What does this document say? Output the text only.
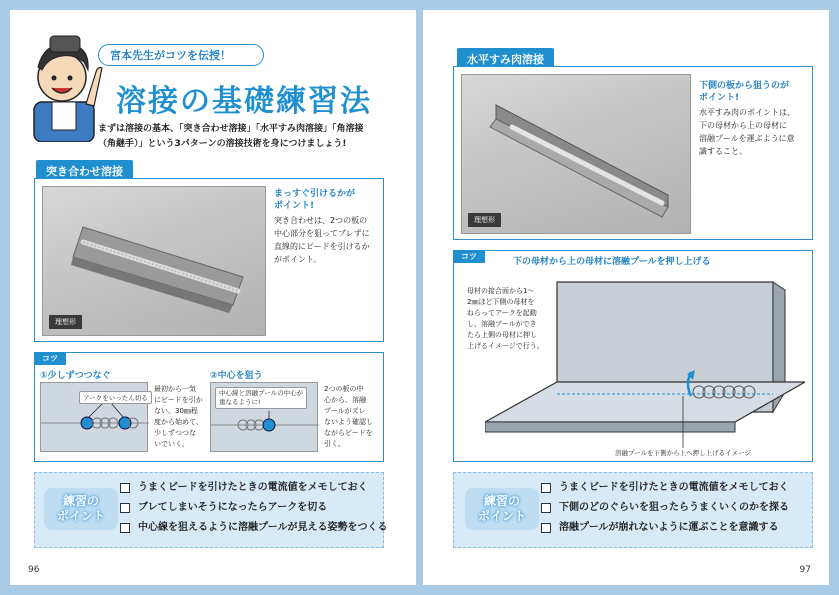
宮本先生がコツを伝授！
溶接の基礎練習法
まずは溶接の基本、「突き合わせ溶接」「水平すみ肉溶接」「角溶接
（角継手）」という3パターンの溶接技術を身につけましょう!
突き合わせ溶接
理想形
まっすぐ引けるかが
ポイント!
突き合わせは、2つの板の
中心部分を狙ってブレずに
直線的にビードを引けるか
がポイント。
コツ
①少しずつつなぐ
アークをいったん切る
最初から一気
にビードを引か
ない。30㎜程
度から始めて、
少しずつつな
いでいく。
②中心を狙う
中心線と溶融プールの中心が
重なるように!
2つの板の中
心から、溶融
プールがズレ
ないよう確認し
ながらビードを
引く。
練習の
ポイント
うまくビードを引けたときの電流値をメモしておく
ブレてしまいそうになったらアークを切る
中心線を狙えるように溶融プールが見える姿勢をつくる
96
水平すみ肉溶接
理想形
下側の板から狙うのが
ポイント!
水平すみ肉のポイントは、
下の母材から上の母材に
溶融プールを運ぶように意
識すること。
コツ
下の母材から上の母材に溶融プールを押し上げる
母材の接合面から1～
2㎜ほど下側の母材を
ねらってアークを起動
し、溶融プールができ
たら上側の母材に押し
上げるイメージで行う。
溶融プールを下側から上へ押し上げるイメージ
練習の
ポイント
うまくビードを引けたときの電流値をメモしておく
下側のどのぐらいを狙ったらうまくいくのかを探る
溶融プールが崩れないように運ぶことを意識する
97
